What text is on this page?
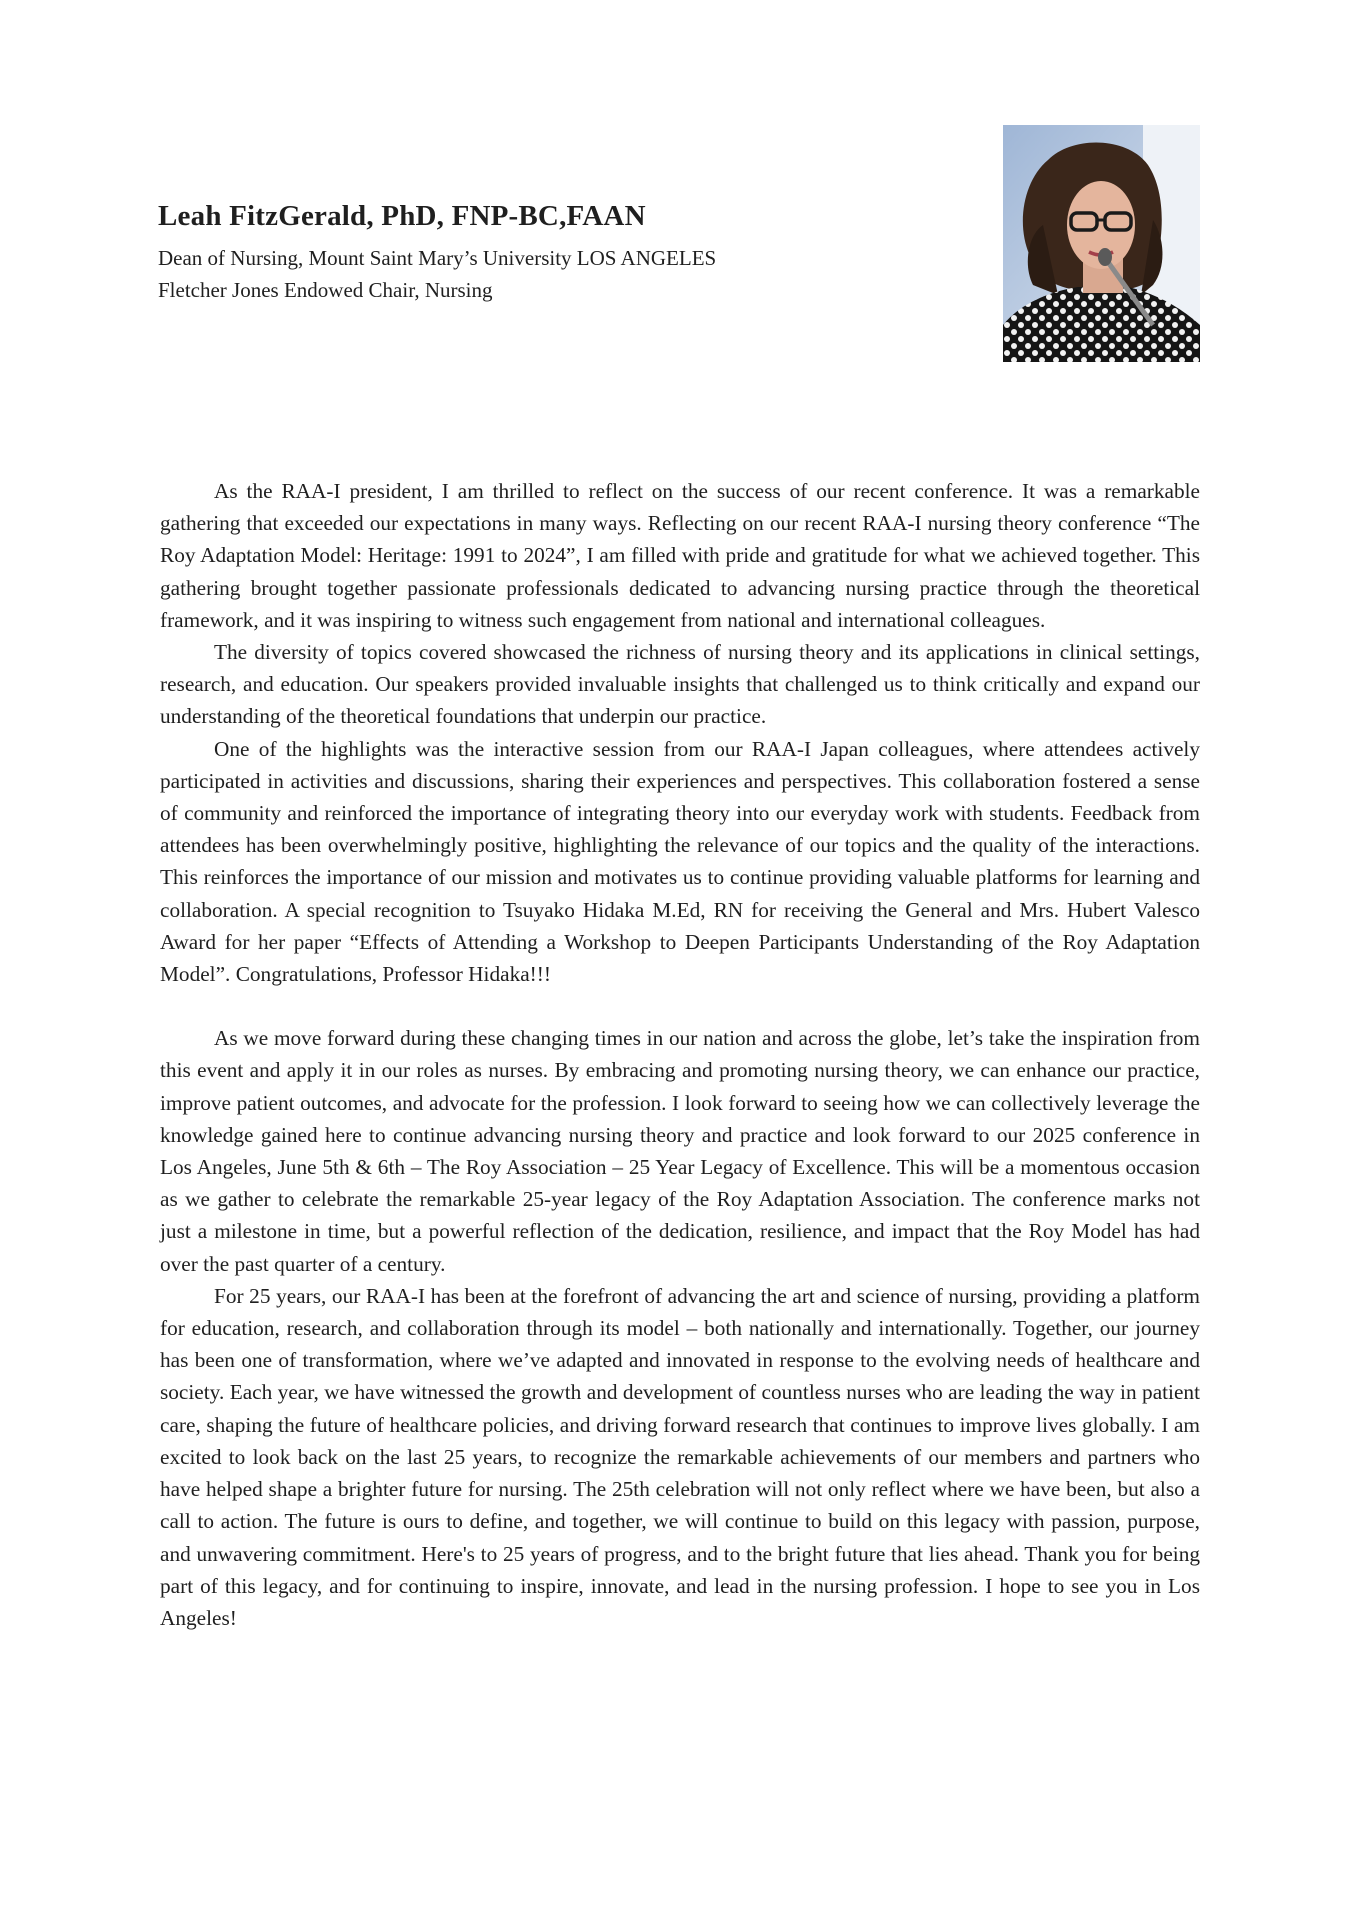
Leah FitzGerald, PhD, FNP-BC,FAAN

Dean of Nursing, Mount Saint Mary’s University LOS ANGELES

Fletcher Jones Endowed Chair, Nursing

As the RAA-I president, I am thrilled to reflect on the success of our recent conference. It was a remarkable gathering that exceeded our expectations in many ways. Reflecting on our recent RAA-I nursing theory conference “The Roy Adaptation Model: Heritage: 1991 to 2024”, I am filled with pride and gratitude for what we achieved together. This gathering brought together passionate professionals dedicated to advancing nursing practice through the theoretical framework, and it was inspiring to witness such engagement from national and international colleagues.

The diversity of topics covered showcased the richness of nursing theory and its applications in clinical settings, research, and education. Our speakers provided invaluable insights that challenged us to think critically and expand our understanding of the theoretical foundations that underpin our practice.

One of the highlights was the interactive session from our RAA-I Japan colleagues, where attendees actively participated in activities and discussions, sharing their experiences and perspectives. This collaboration fostered a sense of community and reinforced the importance of integrating theory into our everyday work with students. Feedback from attendees has been overwhelmingly positive, highlighting the relevance of our topics and the quality of the interactions. This reinforces the importance of our mission and motivates us to continue providing valuable platforms for learning and collaboration. A special recognition to Tsuyako Hidaka M.Ed, RN for receiving the General and Mrs. Hubert Valesco Award for her paper “Effects of Attending a Workshop to Deepen Participants Understanding of the Roy Adaptation Model”. Congratulations, Professor Hidaka!!!

As we move forward during these changing times in our nation and across the globe, let’s take the inspiration from this event and apply it in our roles as nurses. By embracing and promoting nursing theory, we can enhance our practice, improve patient outcomes, and advocate for the profession. I look forward to seeing how we can collectively leverage the knowledge gained here to continue advancing nursing theory and practice and look forward to our 2025 conference in Los Angeles, June 5th & 6th – The Roy Association – 25 Year Legacy of Excellence. This will be a momentous occasion as we gather to celebrate the remarkable 25-year legacy of the Roy Adaptation Association. The conference marks not just a milestone in time, but a powerful reflection of the dedication, resilience, and impact that the Roy Model has had over the past quarter of a century.

For 25 years, our RAA-I has been at the forefront of advancing the art and science of nursing, providing a platform for education, research, and collaboration through its model – both nationally and internationally. Together, our journey has been one of transformation, where we’ve adapted and innovated in response to the evolving needs of healthcare and society. Each year, we have witnessed the growth and development of countless nurses who are leading the way in patient care, shaping the future of healthcare policies, and driving forward research that continues to improve lives globally. I am excited to look back on the last 25 years, to recognize the remarkable achievements of our members and partners who have helped shape a brighter future for nursing. The 25th celebration will not only reflect where we have been, but also a call to action. The future is ours to define, and together, we will continue to build on this legacy with passion, purpose, and unwavering commitment. Here's to 25 years of progress, and to the bright future that lies ahead. Thank you for being part of this legacy, and for continuing to inspire, innovate, and lead in the nursing profession. I hope to see you in Los Angeles!
